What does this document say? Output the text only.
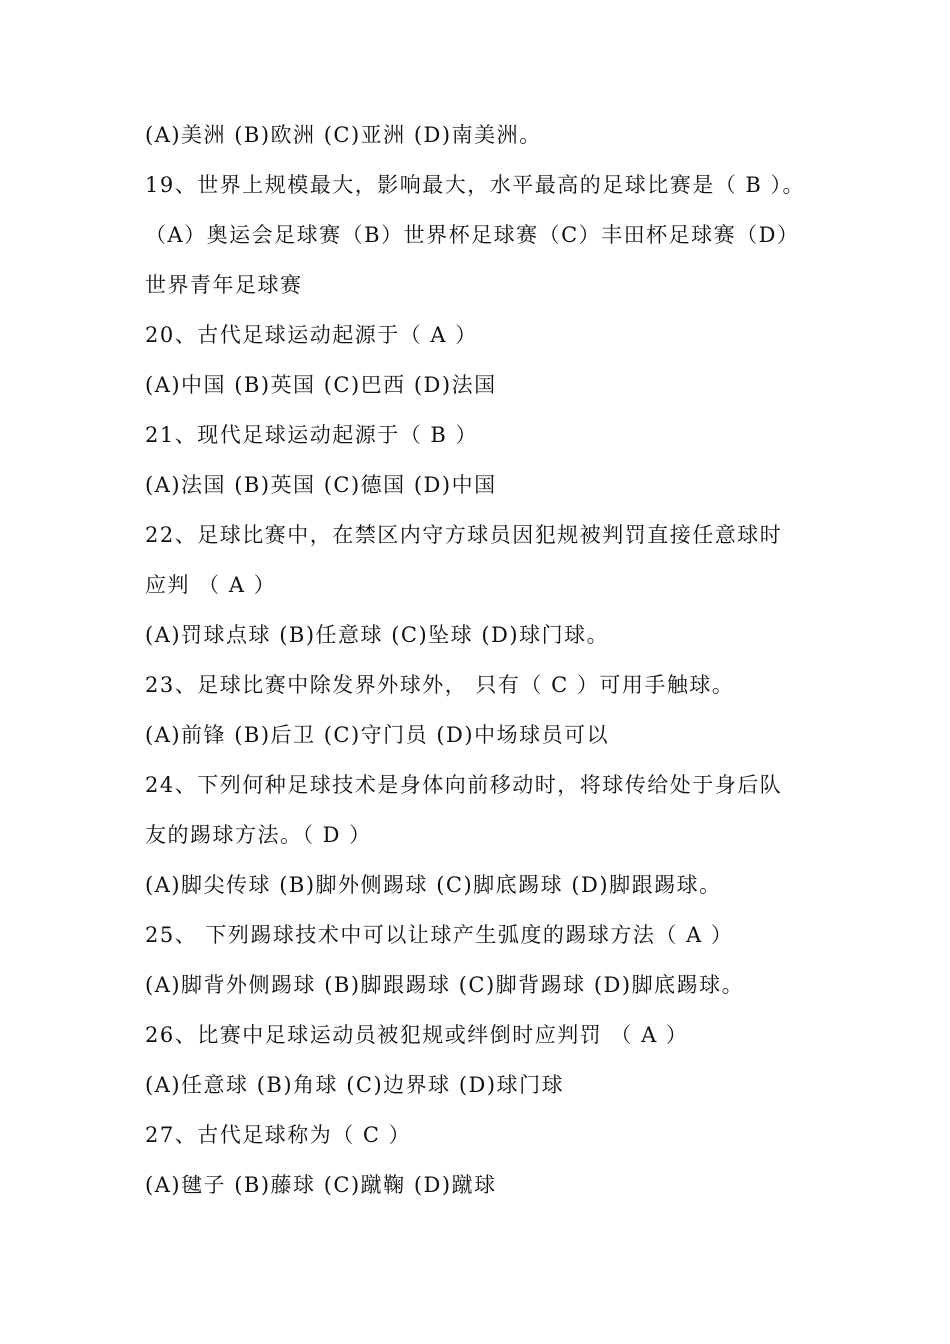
(A)美洲 (B)欧洲 (C)亚洲 (D)南美洲。
19、世界上规模最大，影响最大，水平最高的足球比赛是（ B ）。
（A）奥运会足球赛（B）世界杯足球赛（C）丰田杯足球赛（D）
世界青年足球赛
20、古代足球运动起源于（ A ）
(A)中国 (B)英国 (C)巴西 (D)法国
21、现代足球运动起源于（ B ）
(A)法国 (B)英国 (C)德国 (D)中国
22、足球比赛中，在禁区内守方球员因犯规被判罚直接任意球时
应判 （ A ）
(A)罚球点球 (B)任意球 (C)坠球 (D)球门球。
23、足球比赛中除发界外球外， 只有（ C ）可用手触球。
(A)前锋 (B)后卫 (C)守门员 (D)中场球员可以
24、下列何种足球技术是身体向前移动时，将球传给处于身后队
友的踢球方法。（ D ）
(A)脚尖传球 (B)脚外侧踢球 (C)脚底踢球 (D)脚跟踢球。
25、 下列踢球技术中可以让球产生弧度的踢球方法（ A ）
(A)脚背外侧踢球 (B)脚跟踢球 (C)脚背踢球 (D)脚底踢球。
26、比赛中足球运动员被犯规或绊倒时应判罚 （ A ）
(A)任意球 (B)角球 (C)边界球 (D)球门球
27、古代足球称为（ C ）
(A)毽子 (B)藤球 (C)蹴鞠 (D)蹴球
